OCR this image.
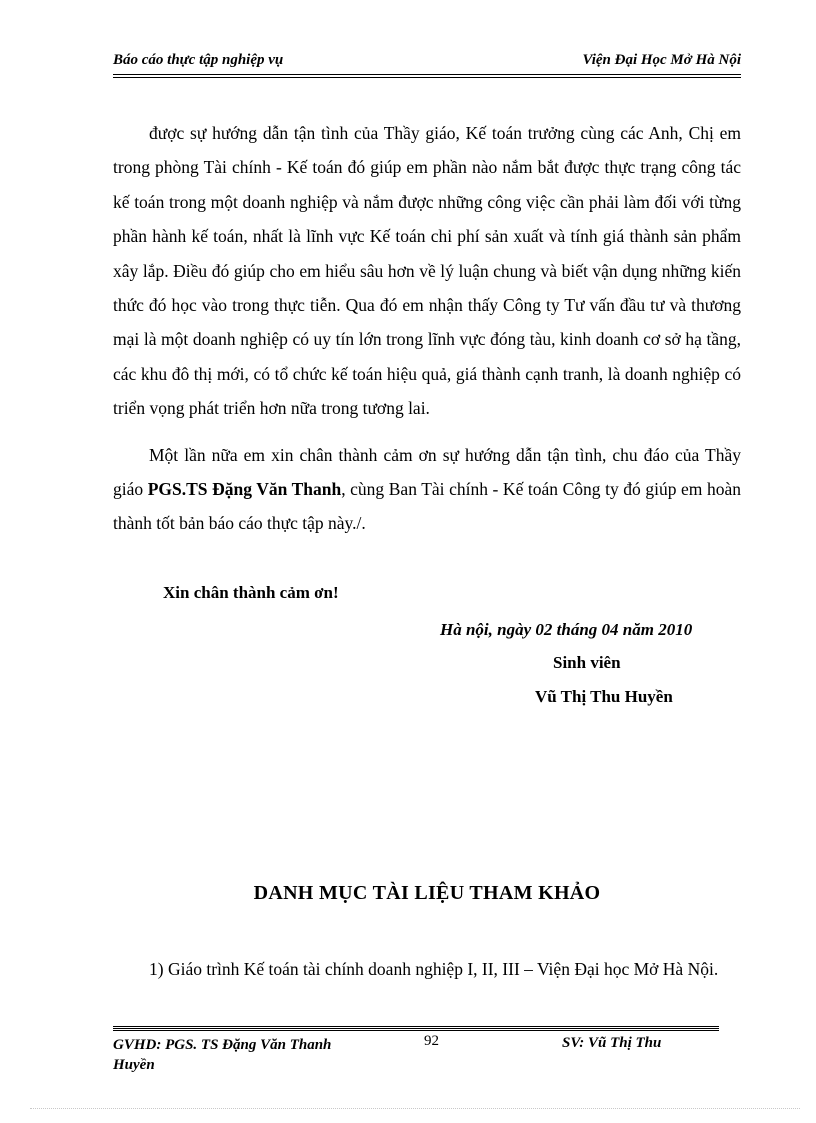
Báo cáo thực tập nghiệp vụ	Viện Đại Học Mở Hà Nội

được sự hướng dẫn tận tình của Thầy giáo, Kế toán trưởng cùng các Anh, Chị em trong phòng Tài chính - Kế toán đó giúp em phần nào nắm bắt được thực trạng công tác kế toán trong một doanh nghiệp và nắm được những công việc cần phải làm đối với từng phần hành kế toán, nhất là lĩnh vực Kế toán chi phí sản xuất và tính giá thành sản phẩm xây lắp. Điều đó giúp cho em hiểu sâu hơn về lý luận chung và biết vận dụng những kiến thức đó học vào trong thực tiễn. Qua đó em nhận thấy Công ty Tư vấn đầu tư và thương mại là một doanh nghiệp có uy tín lớn trong lĩnh vực đóng tàu, kinh doanh cơ sở hạ tầng, các khu đô thị mới, có tổ chức kế toán hiệu quả, giá thành cạnh tranh, là doanh nghiệp có triển vọng phát triển hơn nữa trong tương lai.

Một lần nữa em xin chân thành cảm ơn sự hướng dẫn tận tình, chu đáo của Thầy giáo PGS.TS Đặng Văn Thanh, cùng Ban Tài chính - Kế toán Công ty đó giúp em hoàn thành tốt bản báo cáo thực tập này./.

Xin chân thành cảm ơn!
Hà nội, ngày 02 tháng 04 năm 2010
Sinh viên
Vũ Thị Thu Huyền
DANH MỤC TÀI LIỆU THAM KHẢO

1) Giáo trình Kế toán tài chính doanh nghiệp I, II, III – Viện Đại học Mở Hà Nội.

GVHD: PGS. TS Đặng Văn Thanh Huyền
92	SV: Vũ Thị Thu
